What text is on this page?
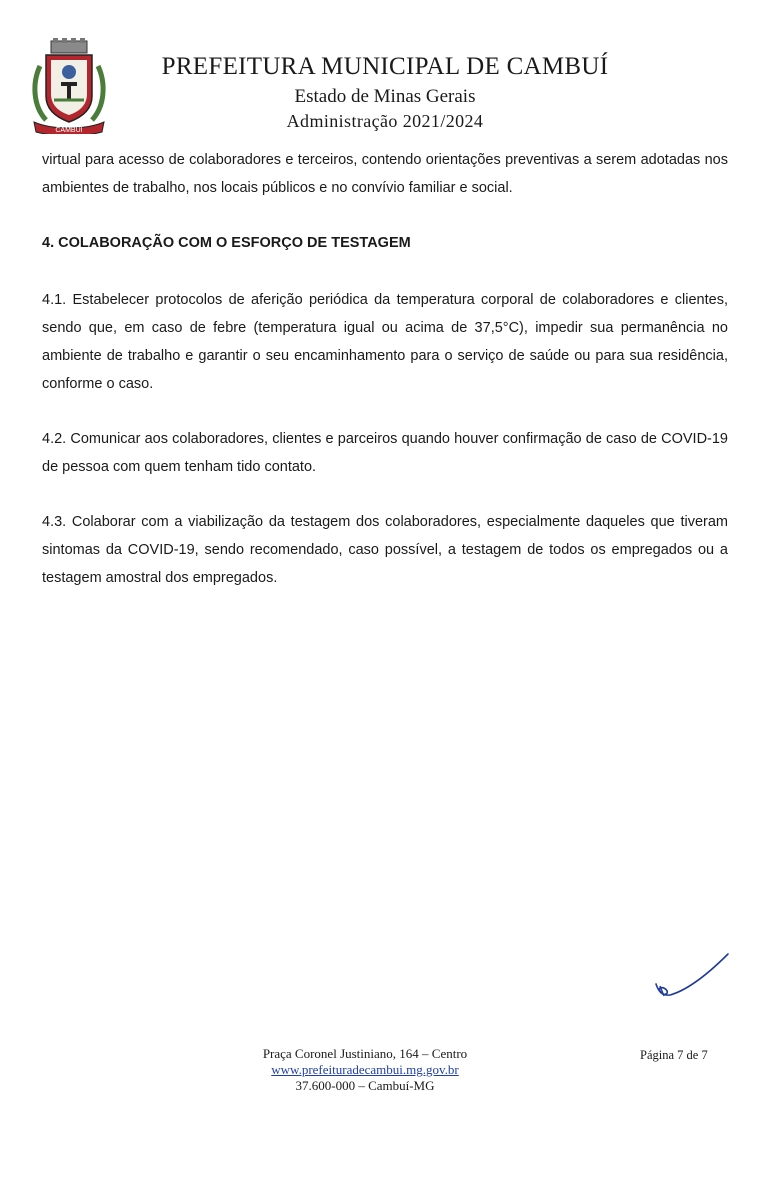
CAMBUÍ
PREFEITURA MUNICIPAL DE CAMBUÍ
Estado de Minas Gerais
Administração 2021/2024
virtual para acesso de colaboradores e terceiros, contendo orientações preventivas a serem adotadas nos ambientes de trabalho, nos locais públicos e no convívio familiar e social.
4. COLABORAÇÃO COM O ESFORÇO DE TESTAGEM
4.1. Estabelecer protocolos de aferição periódica da temperatura corporal de colaboradores e clientes, sendo que, em caso de febre (temperatura igual ou acima de 37,5°C), impedir sua permanência no ambiente de trabalho e garantir o seu encaminhamento para o serviço de saúde ou para sua residência, conforme o caso.
4.2. Comunicar aos colaboradores, clientes e parceiros quando houver confirmação de caso de COVID-19 de pessoa com quem tenham tido contato.
4.3. Colaborar com a viabilização da testagem dos colaboradores, especialmente daqueles que tiveram sintomas da COVID-19, sendo recomendado, caso possível, a testagem de todos os empregados ou a testagem amostral dos empregados.
Praça Coronel Justiniano, 164 – Centro
www.prefeituradecambui.mg.gov.br
37.600-000 – Cambuí-MG
Página 7 de 7
